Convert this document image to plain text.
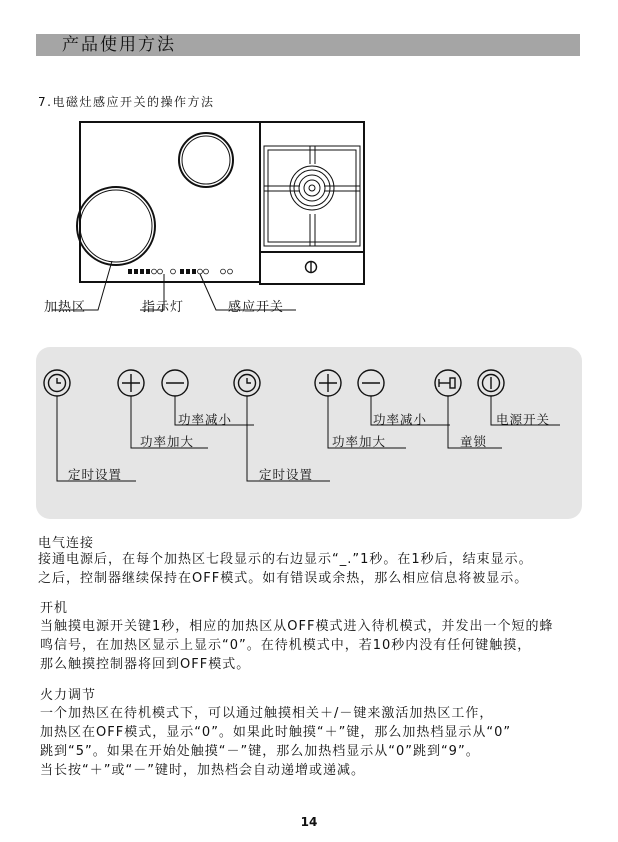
产品使用方法
7.电磁灶感应开关的操作方法
加热区	指示灯	感应开关
功率减小
功率加大
定时设置	定时设置
功率减小
功率加大	童锁
电源开关
电气连接
接通电源后，在每个加热区七段显示的右边显示“_.”1秒。在1秒后，结束显示。
之后，控制器继续保持在OFF模式。如有错误或余热，那么相应信息将被显示。
开机
当触摸电源开关键1秒，相应的加热区从OFF模式进入待机模式，并发出一个短的蜂
鸣信号，在加热区显示上显示“0”。在待机模式中，若10秒内没有任何键触摸，
那么触摸控制器将回到OFF模式。
火力调节
一个加热区在待机模式下，可以通过触摸相关＋/－键来激活加热区工作，
加热区在OFF模式，显示“0”。如果此时触摸“＋”键，那么加热档显示从“0”
跳到“5”。如果在开始处触摸“－”键，那么加热档显示从“0”跳到“9”。
当长按“＋”或“－”键时，加热档会自动递增或递减。
14
